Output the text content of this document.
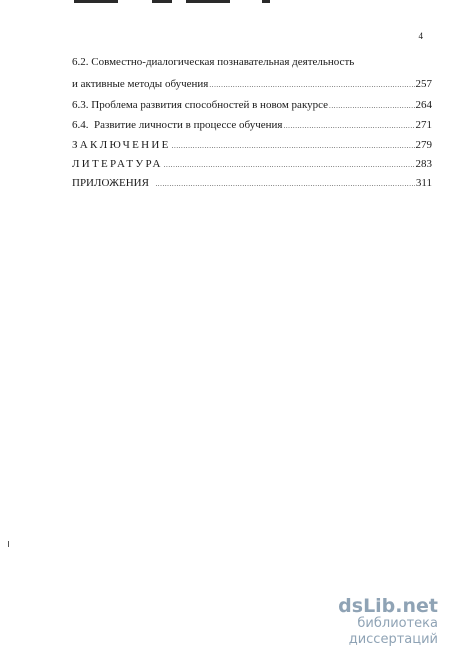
4
6.2. Совместно-диалогическая познавательная деятельность
и активные методы обучения .....	257
6.3. Проблема развития способностей в новом ракурсе .....	264
6.4.  Развитие личности в процессе обучения .....	271
ЗАКЛЮЧЕНИЕ .....	279
ЛИТЕРАТУРА .....	283
ПРИЛОЖЕНИЯ .....	311
dsLib.net
библиотека диссертаций
